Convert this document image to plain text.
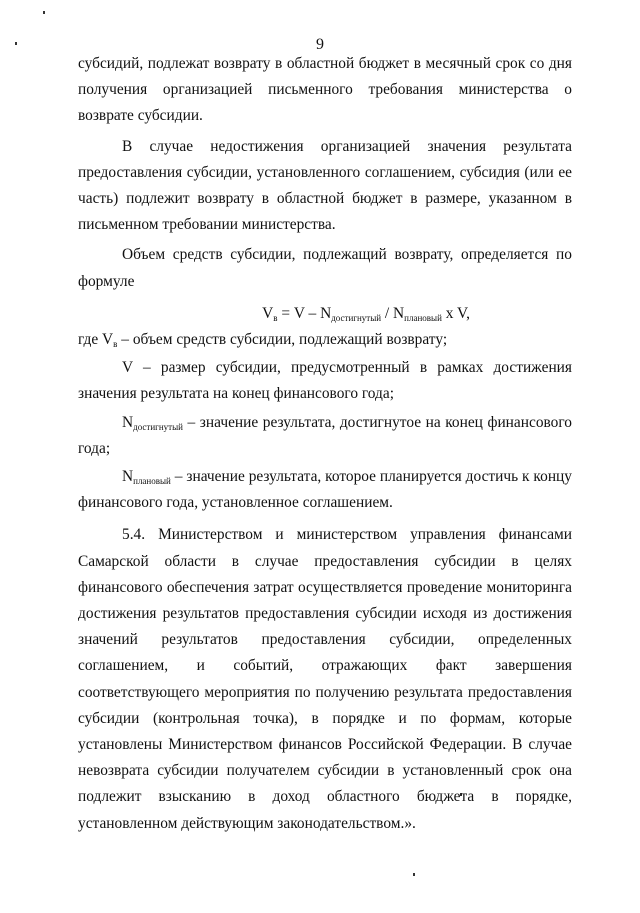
9

субсидий, подлежат возврату в областной бюджет в месячный срок со дня получения организацией письменного требования министерства о возврате субсидии.

В случае недостижения организацией значения результата предоставления субсидии, установленного соглашением, субсидия (или ее часть) подлежит возврату в областной бюджет в размере, указанном в письменном требовании министерства.

Объем средств субсидии, подлежащий возврату, определяется по формуле

$V_в = V - N_{достигнутый} / N_{плановый}$ x V,

где $V_в$ – объем средств субсидии, подлежащий возврату;

V – размер субсидии, предусмотренный в рамках достижения значения результата на конец финансового года;

$N_{достигнутый}$ – значение результата, достигнутое на конец финансового года;

$N_{плановый}$ – значение результата, которое планируется достичь к концу финансового года, установленное соглашением.

5.4. Министерством и министерством управления финансами Самарской области в случае предоставления субсидии в целях финансового обеспечения затрат осуществляется проведение мониторинга достижения результатов предоставления субсидии исходя из достижения значений результатов предоставления субсидии, определенных соглашением, и событий, отражающих факт завершения соответствующего мероприятия по получению результата предоставления субсидии (контрольная точка), в порядке и по формам, которые установлены Министерством финансов Российской Федерации. В случае невозврата субсидии получателем субсидии в установленный срок она подлежит взысканию в доход областного бюджета в порядке, установленном действующим законодательством.».
